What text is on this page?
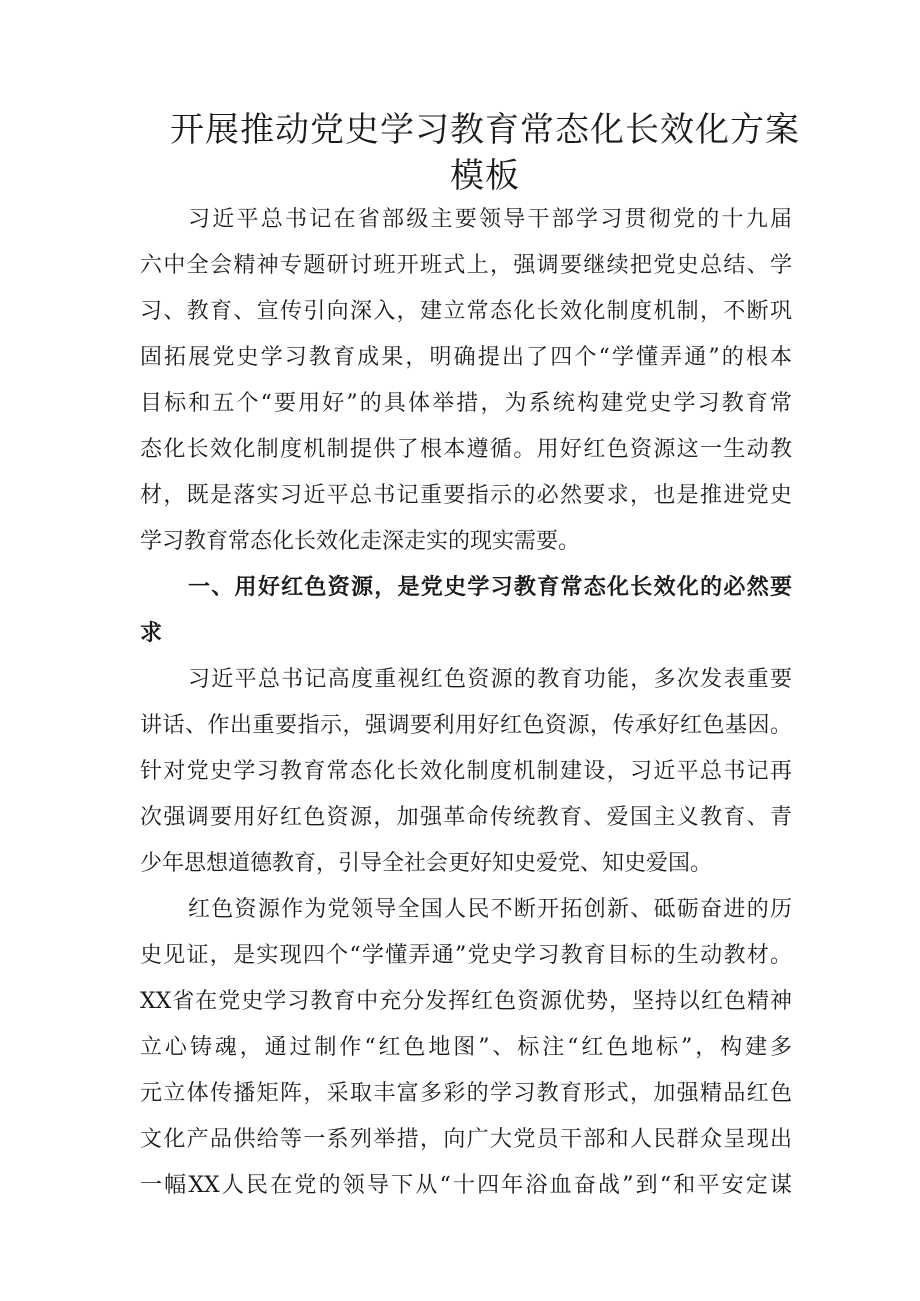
开展推动党史学习教育常态化长效化方案
模板
习近平总书记在省部级主要领导干部学习贯彻党的十九届
六中全会精神专题研讨班开班式上，强调要继续把党史总结、学
习、教育、宣传引向深入，建立常态化长效化制度机制，不断巩
固拓展党史学习教育成果，明确提出了四个“学懂弄通”的根本
目标和五个“要用好”的具体举措，为系统构建党史学习教育常
态化长效化制度机制提供了根本遵循。用好红色资源这一生动教
材，既是落实习近平总书记重要指示的必然要求，也是推进党史
学习教育常态化长效化走深走实的现实需要。
一、用好红色资源，是党史学习教育常态化长效化的必然要
求
习近平总书记高度重视红色资源的教育功能，多次发表重要
讲话、作出重要指示，强调要利用好红色资源，传承好红色基因。
针对党史学习教育常态化长效化制度机制建设，习近平总书记再
次强调要用好红色资源，加强革命传统教育、爱国主义教育、青
少年思想道德教育，引导全社会更好知史爱党、知史爱国。
红色资源作为党领导全国人民不断开拓创新、砥砺奋进的历
史见证，是实现四个“学懂弄通”党史学习教育目标的生动教材。
XX省在党史学习教育中充分发挥红色资源优势，坚持以红色精神
立心铸魂，通过制作“红色地图”、标注“红色地标”，构建多
元立体传播矩阵，采取丰富多彩的学习教育形式，加强精品红色
文化产品供给等一系列举措，向广大党员干部和人民群众呈现出
一幅XX人民在党的领导下从“十四年浴血奋战”到“和平安定谋
